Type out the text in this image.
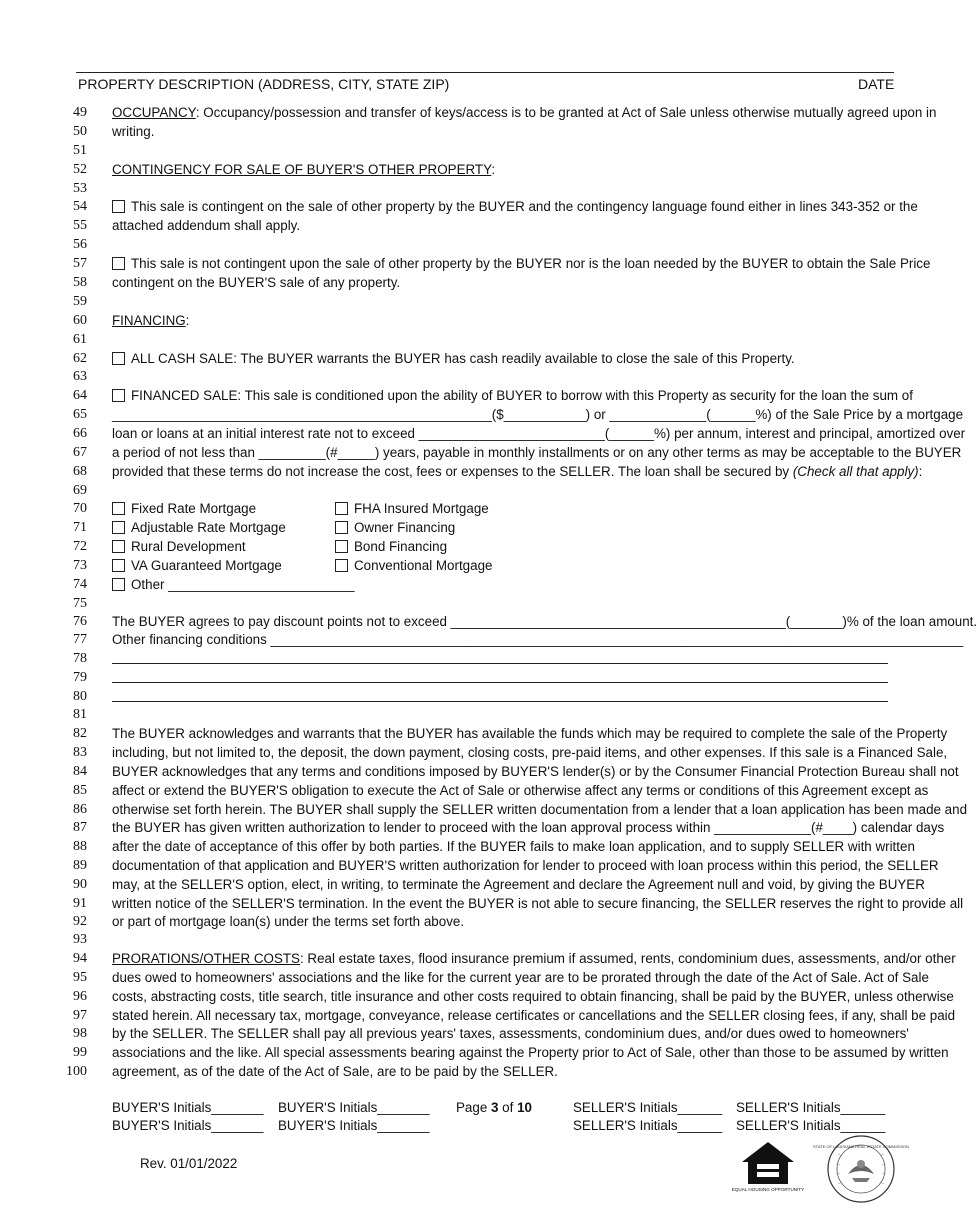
PROPERTY DESCRIPTION (ADDRESS, CITY, STATE ZIP)	DATE
49 OCCUPANCY: Occupancy/possession and transfer of keys/access is to be granted at Act of Sale unless otherwise mutually agreed upon in
50 writing.
51
52 CONTINGENCY FOR SALE OF BUYER'S OTHER PROPERTY:
53
54	This sale is contingent on the sale of other property by the BUYER and the contingency language found either in lines 343-352 or the
55 attached addendum shall apply.
56
57	This sale is not contingent upon the sale of other property by the BUYER nor is the loan needed by the BUYER to obtain the Sale Price
58 contingent on the BUYER'S sale of any property.
59
60 FINANCING:
61
62	ALL CASH SALE: The BUYER warrants the BUYER has cash readily available to close the sale of this Property.
63
64	FINANCED SALE: This sale is conditioned upon the ability of BUYER to borrow with this Property as security for the loan the sum of
65 ___________________________________________________($___________) or _____________(______%) of the Sale Price by a mortgage
66 loan or loans at an initial interest rate not to exceed _________________________(______%) per annum, interest and principal, amortized over
67 a period of not less than _________(#_____) years, payable in monthly installments or on any other terms as may be acceptable to the BUYER
68 provided that these terms do not increase the cost, fees or expenses to the SELLER. The loan shall be secured by (Check all that apply):
69
70	Fixed Rate Mortgage	FHA Insured Mortgage
71	Adjustable Rate Mortgage	Owner Financing
72	Rural Development	Bond Financing
73	VA Guaranteed Mortgage	Conventional Mortgage
74	Other _________________________
75
76 The BUYER agrees to pay discount points not to exceed _____________________________________________(_______)% of the loan amount.
77 Other financing conditions _____________________________________________________________________________________________
78
79
80
81
82 The BUYER acknowledges and warrants that the BUYER has available the funds which may be required to complete the sale of the Property
83 including, but not limited to, the deposit, the down payment, closing costs, pre-paid items, and other expenses. If this sale is a Financed Sale,
84 BUYER acknowledges that any terms and conditions imposed by BUYER'S lender(s) or by the Consumer Financial Protection Bureau shall not
85 affect or extend the BUYER'S obligation to execute the Act of Sale or otherwise affect any terms or conditions of this Agreement except as
86 otherwise set forth herein. The BUYER shall supply the SELLER written documentation from a lender that a loan application has been made and
87 the BUYER has given written authorization to lender to proceed with the loan approval process within _____________(#____) calendar days
88 after the date of acceptance of this offer by both parties. If the BUYER fails to make loan application, and to supply SELLER with written
89 documentation of that application and BUYER'S written authorization for lender to proceed with loan process within this period, the SELLER
90 may, at the SELLER'S option, elect, in writing, to terminate the Agreement and declare the Agreement null and void, by giving the BUYER
91 written notice of the SELLER'S termination. In the event the BUYER is not able to secure financing, the SELLER reserves the right to provide all
92 or part of mortgage loan(s) under the terms set forth above.
93
94 PRORATIONS/OTHER COSTS: Real estate taxes, flood insurance premium if assumed, rents, condominium dues, assessments, and/or other
95 dues owed to homeowners' associations and the like for the current year are to be prorated through the date of the Act of Sale. Act of Sale
96 costs, abstracting costs, title search, title insurance and other costs required to obtain financing, shall be paid by the BUYER, unless otherwise
97 stated herein. All necessary tax, mortgage, conveyance, release certificates or cancellations and the SELLER closing fees, if any, shall be paid
98 by the SELLER. The SELLER shall pay all previous years' taxes, assessments, condominium dues, and/or dues owed to homeowners'
99 associations and the like. All special assessments bearing against the Property prior to Act of Sale, other than those to be assumed by written
100 agreement, as of the date of the Act of Sale, are to be paid by the SELLER.
BUYER'S Initials_______ BUYER'S Initials_______
BUYER'S Initials_______ BUYER'S Initials_______
Page 3 of 10	SELLER'S Initials______ SELLER'S Initials______
SELLER'S Initials______ SELLER'S Initials______
Rev. 01/01/2022
EQUAL HOUSING OPPORTUNITY
STATE OF LOUISIANA REAL ESTATE COMMISSION
